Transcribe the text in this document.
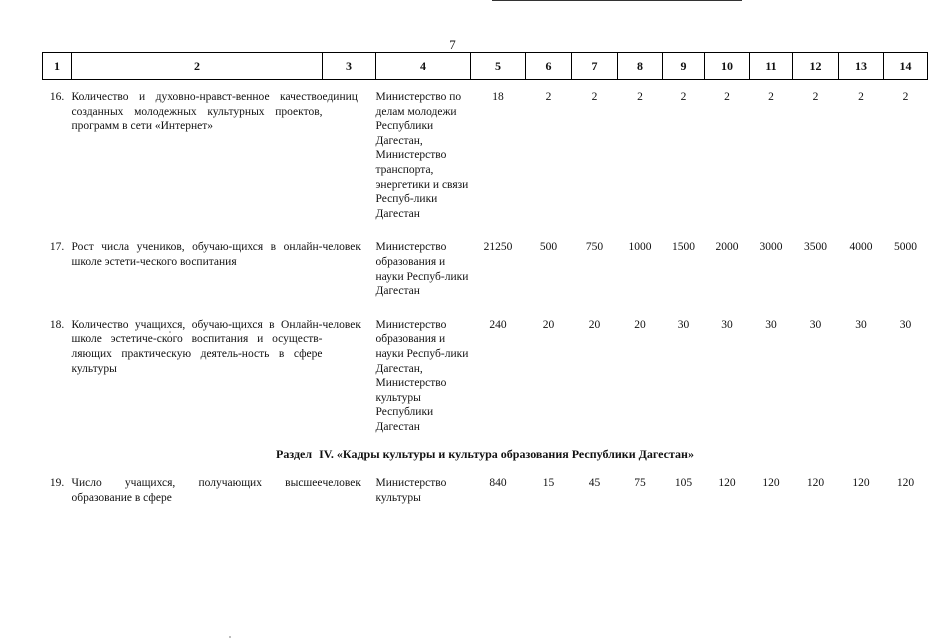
7
1	2	3	4	5	6	7	8	9	10	11	12	13	14

16.	Количество и духовно-нравст-венное качество созданных молодежных культурных проектов, программ в сети «Интернет»	единиц	Министерство по делам молодежи Республики Дагестан, Министерство транспорта, энергетики и связи Респуб-лики Дагестан	18	2	2	2	2	2	2	2	2	2

17.	Рост числа учеников, обучаю-щихся в онлайн-школе эстети-ческого воспитания	человек	Министерство образования и науки Респуб-лики Дагестан	21250	500	750	1000	1500	2000	3000	3500	4000	5000

18.	Количество учащихся, обучаю-щихся в Онлайн-школе эстетиче-ского воспитания и осуществ-ляющих практическую деятель-ность в сфере культуры	человек	Министерство образования и науки Респуб-лики Дагестан, Министерство культуры Республики Дагестан	240	20	20	20	30	30	30	30	30	30
Раздел IV. «Кадры культуры и культура образования Республики Дагестан»													
19.	Число учащихся, получающих высшее образование в сфере	человек	Министерство культуры	840	15	45	75	105	120	120	120	120	120
